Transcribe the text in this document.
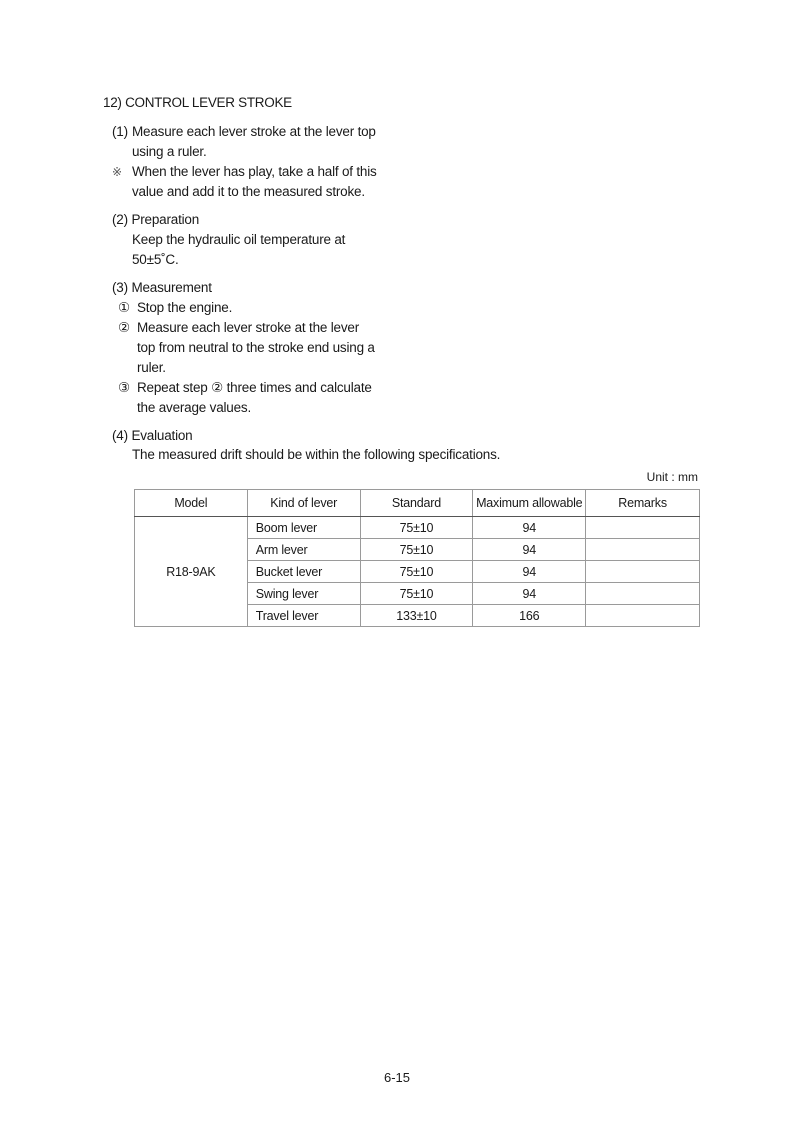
12) CONTROL LEVER STROKE
(1) Measure each lever stroke at the lever top
using a ruler.
※ When the lever has play, take a half of this
value and add it to the measured stroke.
(2) Preparation
Keep the hydraulic oil temperature at
50±5˚C.
(3) Measurement
① Stop the engine.
② Measure each lever stroke at the lever
top from neutral to the stroke end using a
ruler.
③ Repeat step ② three times and calculate
the average values.
(4) Evaluation
The measured drift should be within the following specifications.
Unit : mm
Model	Kind of lever	Standard	Maximum allowable	Remarks
R18-9AK	Boom lever	75±10	94	
	Arm lever	75±10	94	
	Bucket lever	75±10	94	
	Swing lever	75±10	94	
	Travel lever	133±10	166	
6-15
